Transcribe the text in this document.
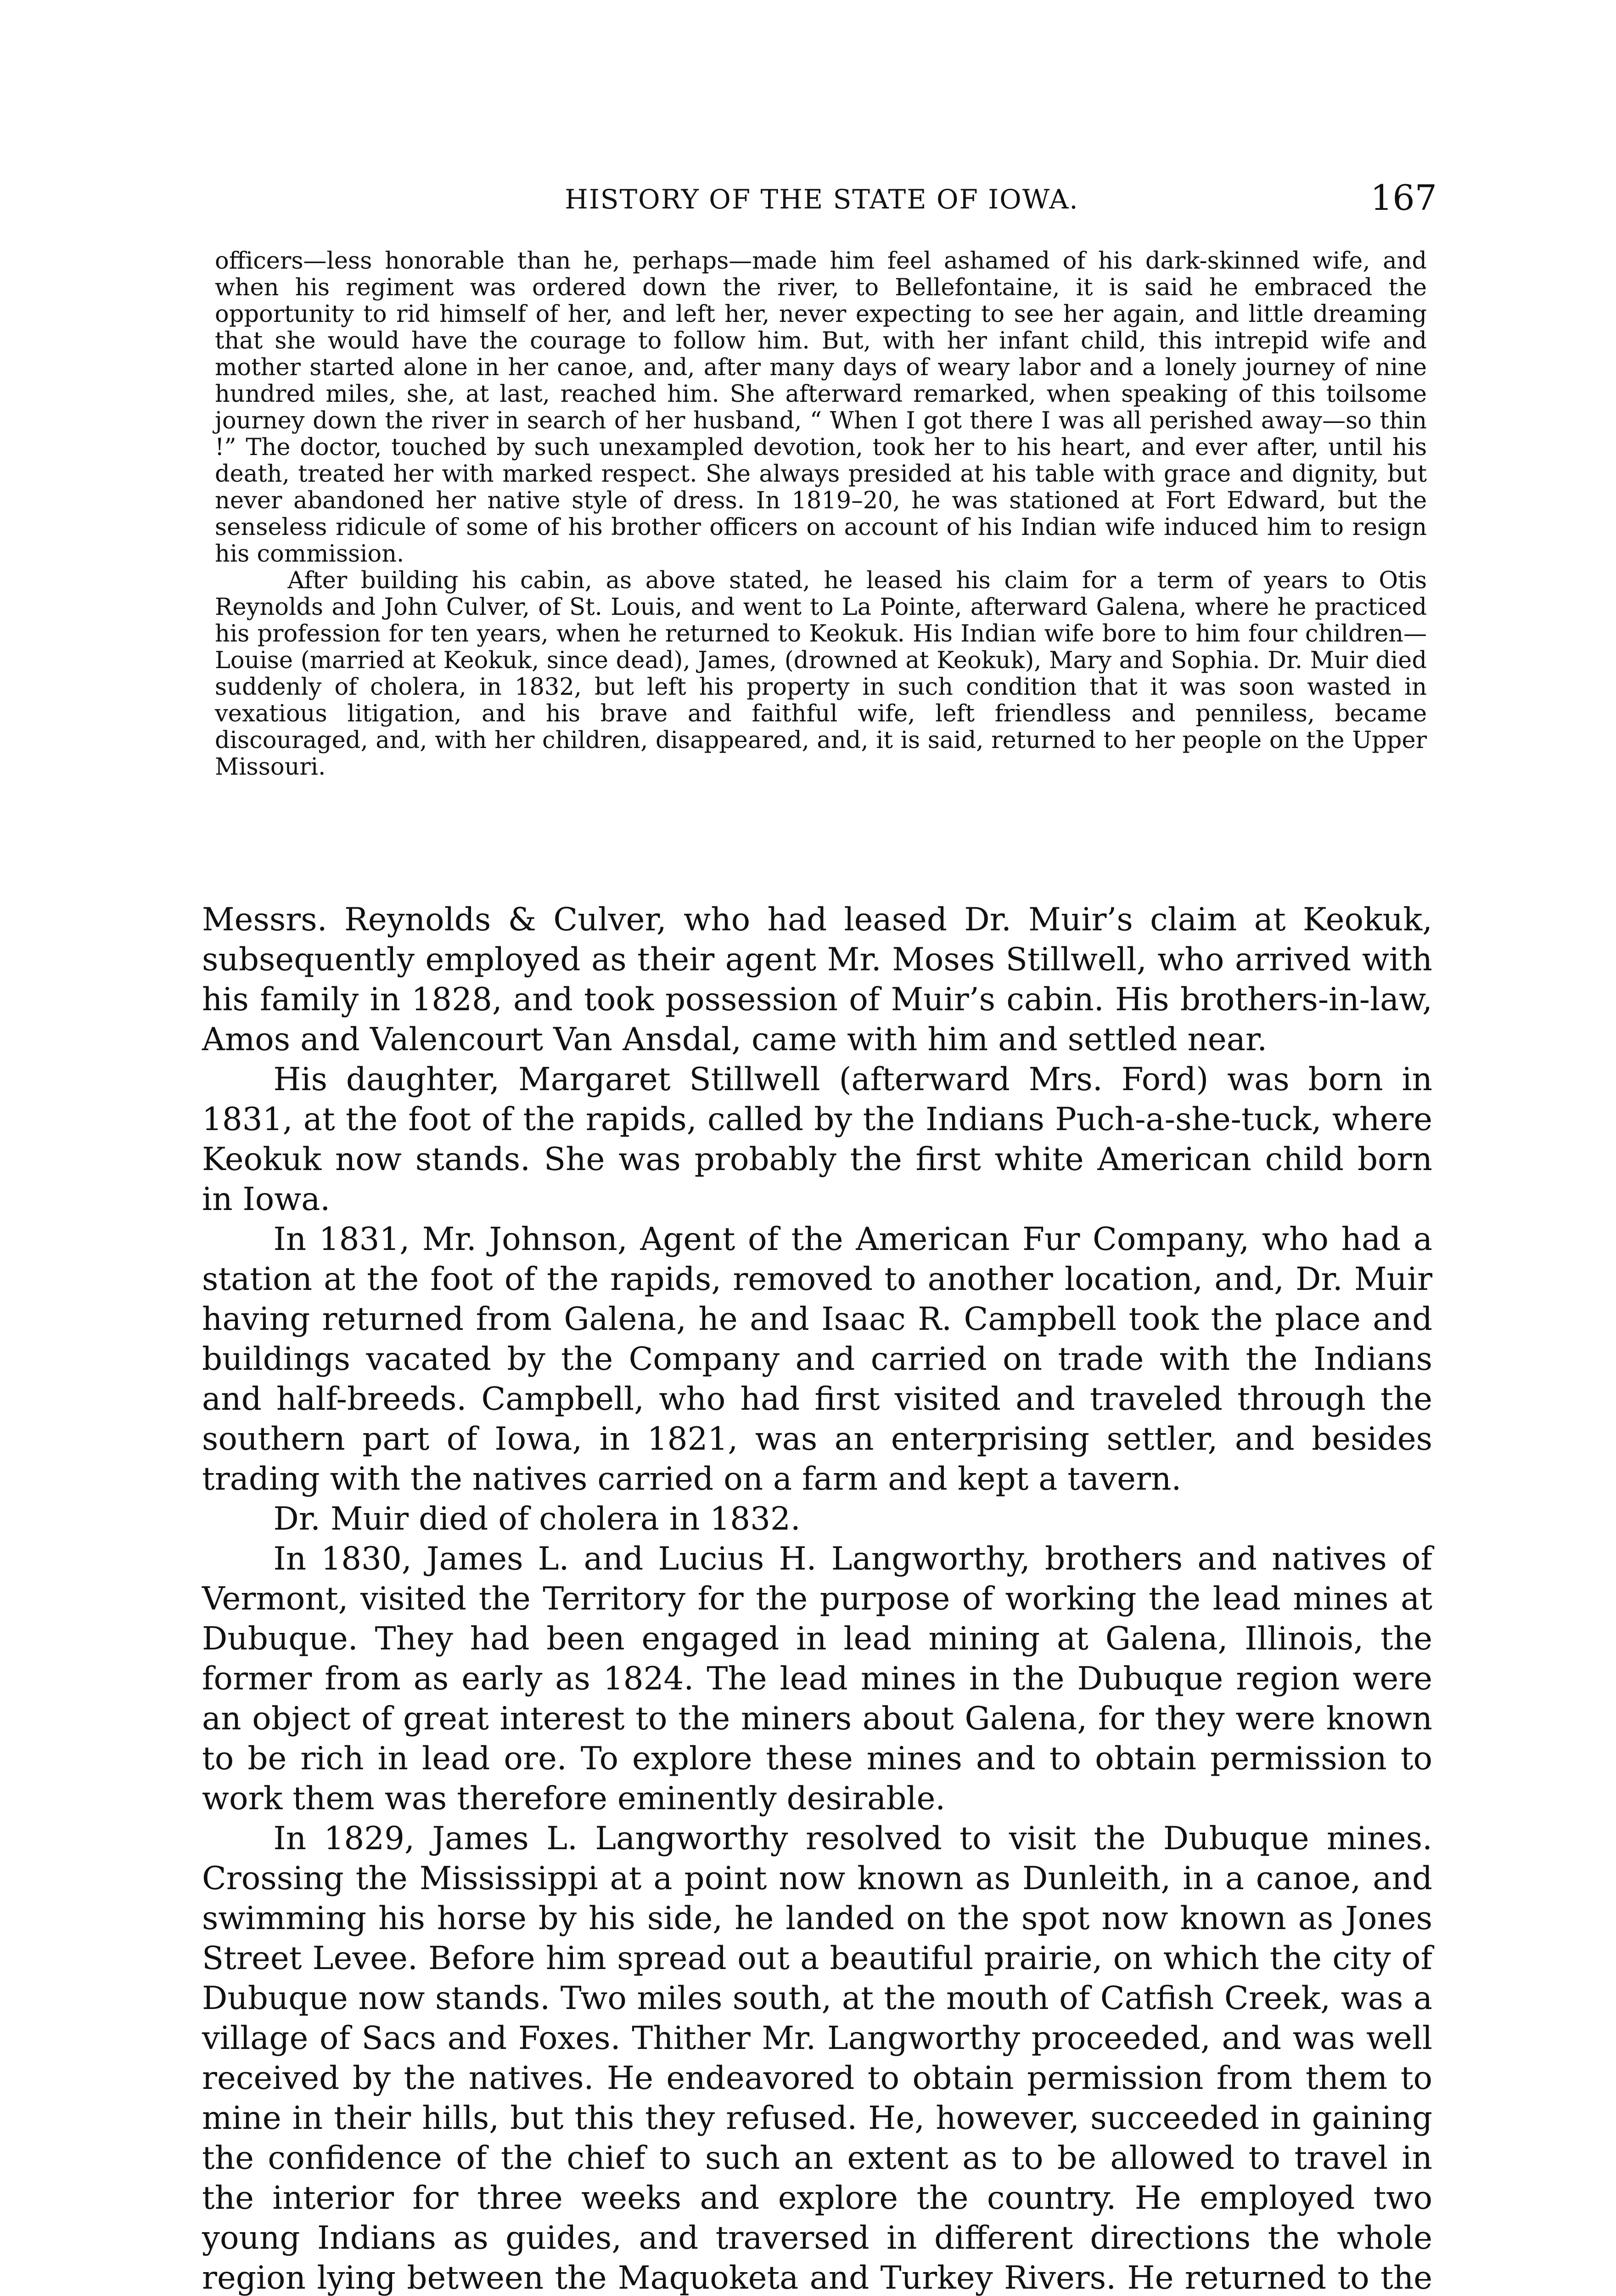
HISTORY OF THE STATE OF IOWA.	167

officers—less honorable than he, perhaps—made him feel ashamed of his dark-skinned wife, and when his regiment was ordered down the river, to Bellefontaine, it is said he embraced the opportunity to rid himself of her, and left her, never expecting to see her again, and little dreaming that she would have the courage to follow him. But, with her infant child, this intrepid wife and mother started alone in her canoe, and, after many days of weary labor and a lonely journey of nine hundred miles, she, at last, reached him. She afterward remarked, when speaking of this toilsome journey down the river in search of her husband, “ When I got there I was all perished away—so thin !” The doctor, touched by such unexampled devotion, took her to his heart, and ever after, until his death, treated her with marked respect. She always presided at his table with grace and dignity, but never abandoned her native style of dress. In 1819–20, he was stationed at Fort Edward, but the senseless ridicule of some of his brother officers on account of his Indian wife induced him to resign his commission.

After building his cabin, as above stated, he leased his claim for a term of years to Otis Reynolds and John Culver, of St. Louis, and went to La Pointe, afterward Galena, where he practiced his profession for ten years, when he returned to Keokuk. His Indian wife bore to him four children—Louise (married at Keokuk, since dead), James, (drowned at Keokuk), Mary and Sophia. Dr. Muir died suddenly of cholera, in 1832, but left his property in such condition that it was soon wasted in vexatious litigation, and his brave and faithful wife, left friendless and penniless, became discouraged, and, with her children, disappeared, and, it is said, returned to her people on the Upper Missouri.

Messrs. Reynolds & Culver, who had leased Dr. Muir’s claim at Keokuk, subsequently employed as their agent Mr. Moses Stillwell, who arrived with his family in 1828, and took possession of Muir’s cabin. His brothers-in-law, Amos and Valencourt Van Ansdal, came with him and settled near.

His daughter, Margaret Stillwell (afterward Mrs. Ford) was born in 1831, at the foot of the rapids, called by the Indians Puch-a-she-tuck, where Keokuk now stands. She was probably the first white American child born in Iowa.

In 1831, Mr. Johnson, Agent of the American Fur Company, who had a station at the foot of the rapids, removed to another location, and, Dr. Muir having returned from Galena, he and Isaac R. Campbell took the place and buildings vacated by the Company and carried on trade with the Indians and half-breeds. Campbell, who had first visited and traveled through the southern part of Iowa, in 1821, was an enterprising settler, and besides trading with the natives carried on a farm and kept a tavern.

Dr. Muir died of cholera in 1832.

In 1830, James L. and Lucius H. Langworthy, brothers and natives of Vermont, visited the Territory for the purpose of working the lead mines at Dubuque. They had been engaged in lead mining at Galena, Illinois, the former from as early as 1824. The lead mines in the Dubuque region were an object of great interest to the miners about Galena, for they were known to be rich in lead ore. To explore these mines and to obtain permission to work them was therefore eminently desirable.

In 1829, James L. Langworthy resolved to visit the Dubuque mines. Crossing the Mississippi at a point now known as Dunleith, in a canoe, and swimming his horse by his side, he landed on the spot now known as Jones Street Levee. Before him spread out a beautiful prairie, on which the city of Dubuque now stands. Two miles south, at the mouth of Catfish Creek, was a village of Sacs and Foxes. Thither Mr. Langworthy proceeded, and was well received by the natives. He endeavored to obtain permission from them to mine in their hills, but this they refused. He, however, succeeded in gaining the confidence of the chief to such an extent as to be allowed to travel in the interior for three weeks and explore the country. He employed two young Indians as guides, and traversed in different directions the whole region lying between the Maquoketa and Turkey Rivers. He returned to the
